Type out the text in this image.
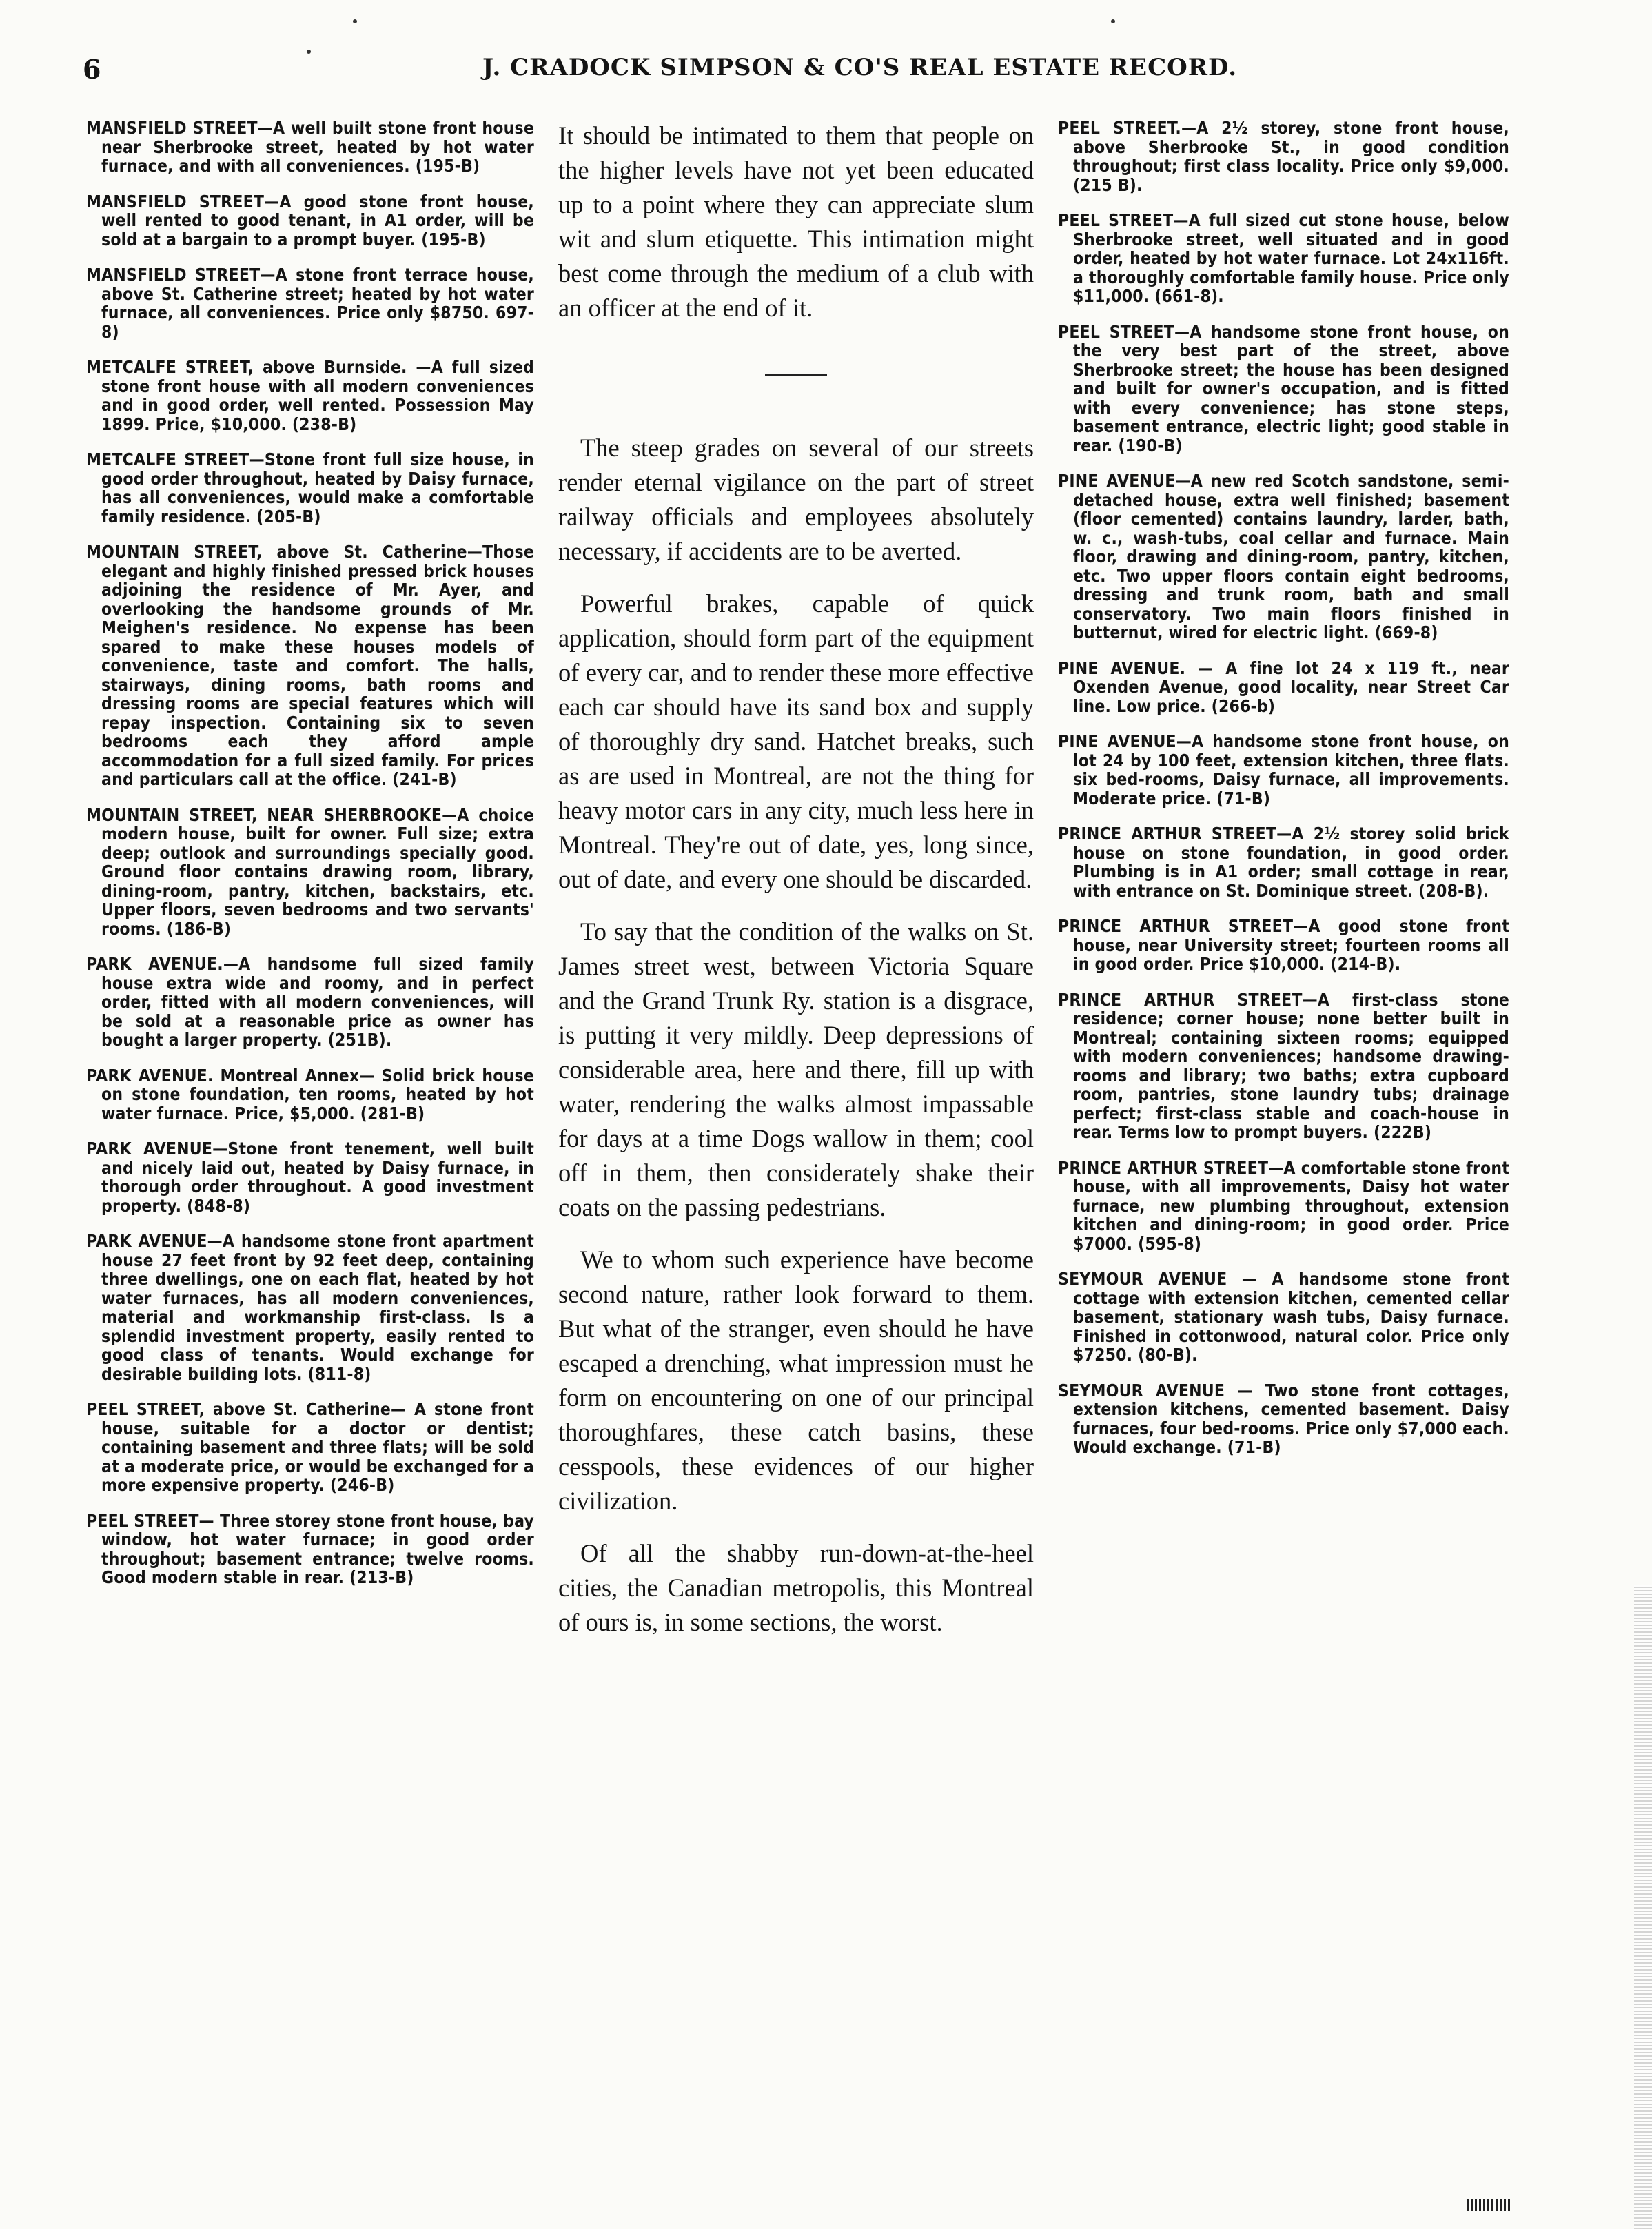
6	J. CRADOCK SIMPSON & CO'S REAL ESTATE RECORD.

MANSFIELD STREET—A well built stone front house near Sherbrooke street, heated by hot water furnace, and with all conveniences. (195-B)

MANSFIELD STREET—A good stone front house, well rented to good tenant, in A1 order, will be sold at a bargain to a prompt buyer. (195-B)

MANSFIELD STREET—A stone front terrace house, above St. Catherine street; heated by hot water furnace, all conveniences. Price only $8750. 697-8)

METCALFE STREET, above Burnside. —A full sized stone front house with all modern conveniences and in good order, well rented. Possession May 1899. Price, $10,000. (238-B)

METCALFE STREET—Stone front full size house, in good order throughout, heated by Daisy furnace, has all conveniences, would make a comfortable family residence. (205-B)

MOUNTAIN STREET, above St. Catherine—Those elegant and highly finished pressed brick houses adjoining the residence of Mr. Ayer, and overlooking the handsome grounds of Mr. Meighen's residence. No expense has been spared to make these houses models of convenience, taste and comfort. The halls, stairways, dining rooms, bath rooms and dressing rooms are special features which will repay inspection. Containing six to seven bedrooms each they afford ample accommodation for a full sized family. For prices and particulars call at the office. (241-B)

MOUNTAIN STREET, NEAR SHERBROOKE—A choice modern house, built for owner. Full size; extra deep; outlook and surroundings specially good. Ground floor contains drawing room, library, dining-room, pantry, kitchen, backstairs, etc. Upper floors, seven bedrooms and two servants' rooms. (186-B)

PARK AVENUE.—A handsome full sized family house extra wide and roomy, and in perfect order, fitted with all modern conveniences, will be sold at a reasonable price as owner has bought a larger property. (251B).

PARK AVENUE. Montreal Annex— Solid brick house on stone foundation, ten rooms, heated by hot water furnace. Price, $5,000. (281-B)

PARK AVENUE—Stone front tenement, well built and nicely laid out, heated by Daisy furnace, in thorough order throughout. A good investment property. (848-8)

PARK AVENUE—A handsome stone front apartment house 27 feet front by 92 feet deep, containing three dwellings, one on each flat, heated by hot water furnaces, has all modern conveniences, material and workmanship first-class. Is a splendid investment property, easily rented to good class of tenants. Would exchange for desirable building lots. (811-8)

PEEL STREET, above St. Catherine— A stone front house, suitable for a doctor or dentist; containing basement and three flats; will be sold at a moderate price, or would be exchanged for a more expensive property. (246-B)

PEEL STREET— Three storey stone front house, bay window, hot water furnace; in good order throughout; basement entrance; twelve rooms. Good modern stable in rear. (213-B)

It should be intimated to them that people on the higher levels have not yet been educated up to a point where they can appreciate slum wit and slum etiquette. This intimation might best come through the medium of a club with an officer at the end of it.

The steep grades on several of our streets render eternal vigilance on the part of street railway officials and employees absolutely necessary, if accidents are to be averted.

Powerful brakes, capable of quick application, should form part of the equipment of every car, and to render these more effective each car should have its sand box and supply of thoroughly dry sand. Hatchet breaks, such as are used in Montreal, are not the thing for heavy motor cars in any city, much less here in Montreal. They're out of date, yes, long since, out of date, and every one should be discarded.

To say that the condition of the walks on St. James street west, between Victoria Square and the Grand Trunk Ry. station is a disgrace, is putting it very mildly. Deep depressions of considerable area, here and there, fill up with water, rendering the walks almost impassable for days at a time Dogs wallow in them; cool off in them, then considerately shake their coats on the passing pedestrians.

We to whom such experience have become second nature, rather look forward to them. But what of the stranger, even should he have escaped a drenching, what impression must he form on encountering on one of our principal thoroughfares, these catch basins, these cesspools, these evidences of our higher civilization.

Of all the shabby run-down-at-the-heel cities, the Canadian metropolis, this Montreal of ours is, in some sections, the worst.

PEEL STREET.—A 2½ storey, stone front house, above Sherbrooke St., in good condition throughout; first class locality. Price only $9,000. (215 B).

PEEL STREET—A full sized cut stone house, below Sherbrooke street, well situated and in good order, heated by hot water furnace. Lot 24x116ft. a thoroughly comfortable family house. Price only $11,000. (661-8).

PEEL STREET—A handsome stone front house, on the very best part of the street, above Sherbrooke street; the house has been designed and built for owner's occupation, and is fitted with every convenience; has stone steps, basement entrance, electric light; good stable in rear. (190-B)

PINE AVENUE—A new red Scotch sandstone, semi-detached house, extra well finished; basement (floor cemented) contains laundry, larder, bath, w. c., wash-tubs, coal cellar and furnace. Main floor, drawing and dining-room, pantry, kitchen, etc. Two upper floors contain eight bedrooms, dressing and trunk room, bath and small conservatory. Two main floors finished in butternut, wired for electric light. (669-8)

PINE AVENUE. — A fine lot 24 x 119 ft., near Oxenden Avenue, good locality, near Street Car line. Low price. (266-b)

PINE AVENUE—A handsome stone front house, on lot 24 by 100 feet, extension kitchen, three flats. six bed-rooms, Daisy furnace, all improvements. Moderate price. (71-B)

PRINCE ARTHUR STREET—A 2½ storey solid brick house on stone foundation, in good order. Plumbing is in A1 order; small cottage in rear, with entrance on St. Dominique street. (208-B).

PRINCE ARTHUR STREET—A good stone front house, near University street; fourteen rooms all in good order. Price $10,000. (214-B).

PRINCE ARTHUR STREET—A first-class stone residence; corner house; none better built in Montreal; containing sixteen rooms; equipped with modern conveniences; handsome drawing-rooms and library; two baths; extra cupboard room, pantries, stone laundry tubs; drainage perfect; first-class stable and coach-house in rear. Terms low to prompt buyers. (222B)

PRINCE ARTHUR STREET—A comfortable stone front house, with all improvements, Daisy hot water furnace, new plumbing throughout, extension kitchen and dining-room; in good order. Price $7000. (595-8)

SEYMOUR AVENUE — A handsome stone front cottage with extension kitchen, cemented cellar basement, stationary wash tubs, Daisy furnace. Finished in cottonwood, natural color. Price only $7250. (80-B).

SEYMOUR AVENUE — Two stone front cottages, extension kitchens, cemented basement. Daisy furnaces, four bed-rooms. Price only $7,000 each. Would exchange. (71-B)
